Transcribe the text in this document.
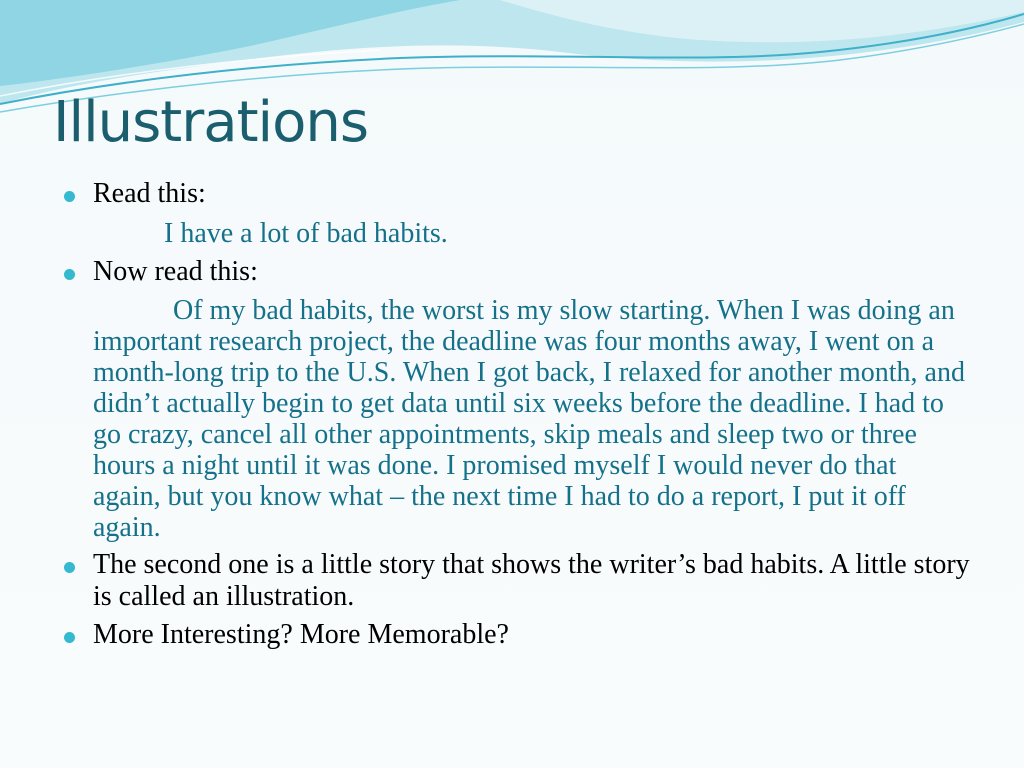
Illustrations

Read this:

I have a lot of bad habits.

Now read this:

Of my bad habits, the worst is my slow starting. When I was doing an important research project, the deadline was four months away, I went on a month-long trip to the U.S. When I got back, I relaxed for another month, and didn’t actually begin to get data until six weeks before the deadline. I had to go crazy, cancel all other appointments, skip meals and sleep two or three hours a night until it was done. I promised myself I would never do that again, but you know what – the next time I had to do a report, I put it off again.

The second one is a little story that shows the writer’s bad habits. A little story is called an illustration.

More Interesting? More Memorable?
